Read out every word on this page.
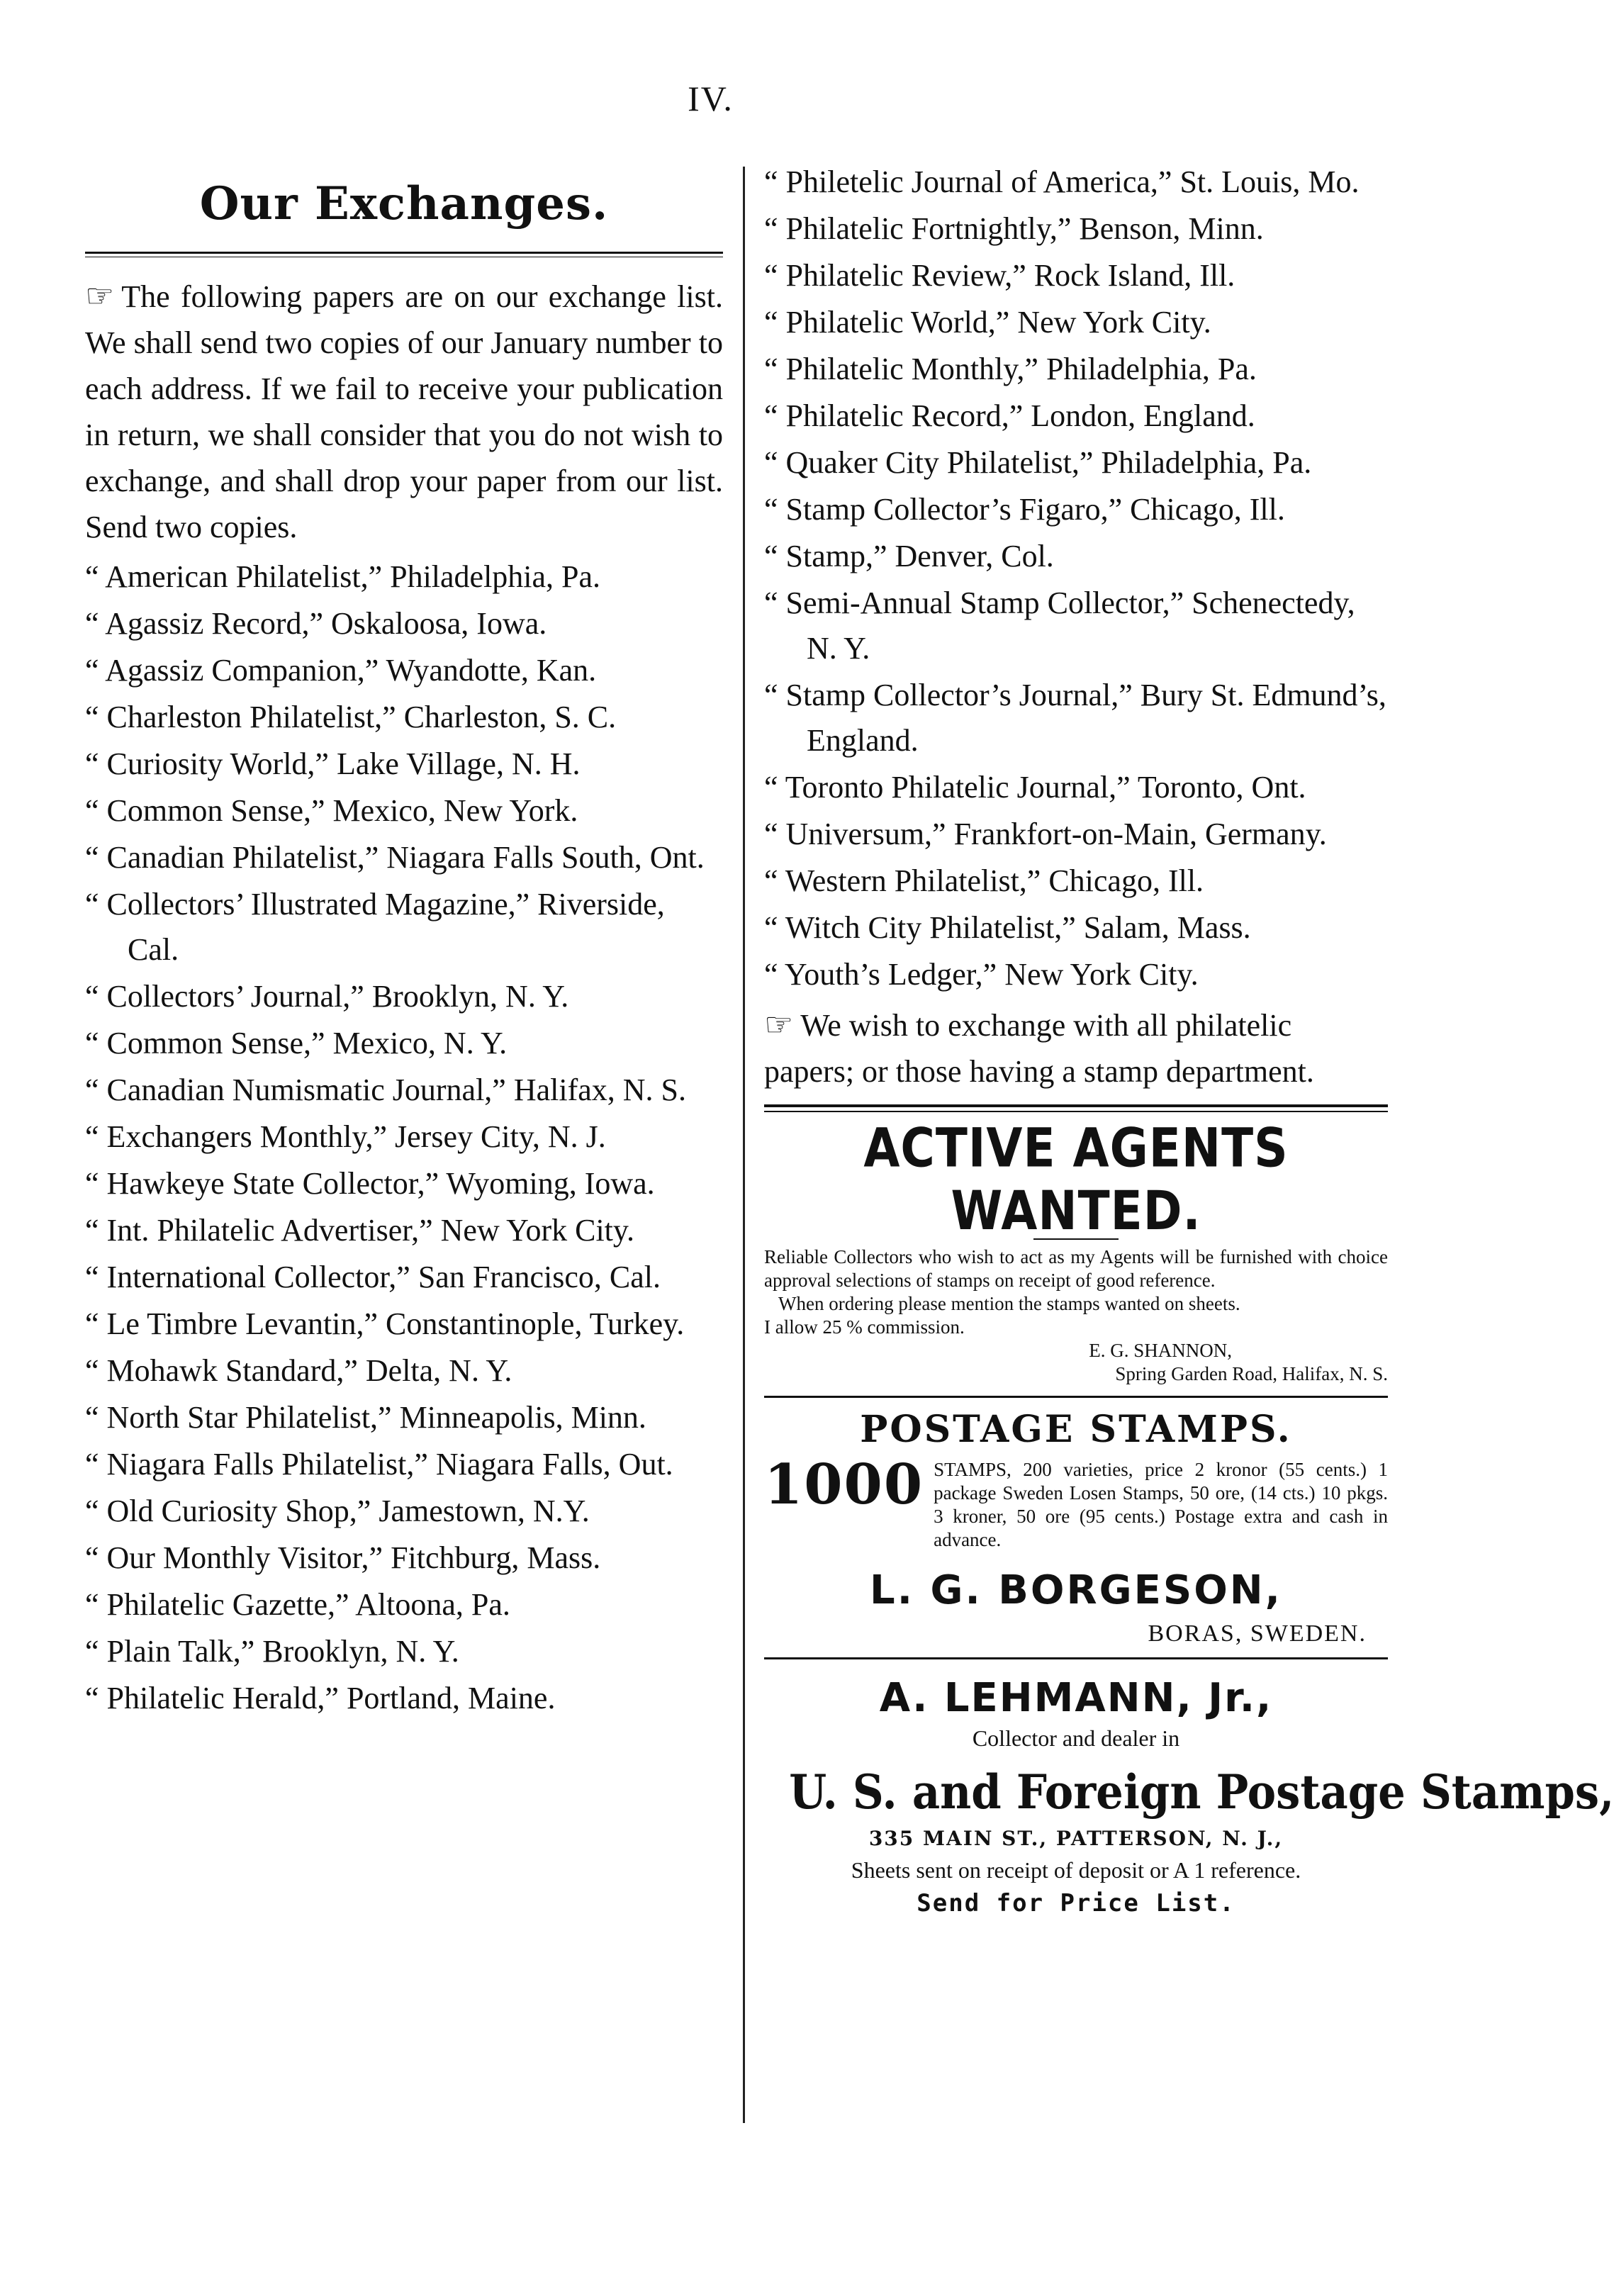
IV.
Our Exchanges.

☞ The following papers are on our exchange list. We shall send two copies of our January number to each address. If we fail to receive your publication in return, we shall consider that you do not wish to exchange, and shall drop your paper from our list. Send two copies.

“ American Philatelist,” Philadelphia, Pa.
“ Agassiz Record,” Oskaloosa, Iowa.
“ Agassiz Companion,” Wyandotte, Kan.
“ Charleston Philatelist,” Charleston, S. C.
“ Curiosity World,” Lake Village, N. H.
“ Common Sense,” Mexico, New York.
“ Canadian Philatelist,” Niagara Falls South, Ont.
“ Collectors’ Illustrated Magazine,” Riverside, Cal.
“ Collectors’ Journal,” Brooklyn, N. Y.
“ Common Sense,” Mexico, N. Y.
“ Canadian Numismatic Journal,” Halifax, N. S.
“ Exchangers Monthly,” Jersey City, N. J.
“ Hawkeye State Collector,” Wyoming, Iowa.
“ Int. Philatelic Advertiser,” New York City.
“ International Collector,” San Francisco, Cal.
“ Le Timbre Levantin,” Constantinople, Turkey.
“ Mohawk Standard,” Delta, N. Y.
“ North Star Philatelist,” Minneapolis, Minn.
“ Niagara Falls Philatelist,” Niagara Falls, Out.
“ Old Curiosity Shop,” Jamestown, N.Y.
“ Our Monthly Visitor,” Fitchburg, Mass.
“ Philatelic Gazette,” Altoona, Pa.
“ Plain Talk,” Brooklyn, N. Y.
“ Philatelic Herald,” Portland, Maine.
“ Philetelic Journal of America,” St. Louis, Mo.
“ Philatelic Fortnightly,” Benson, Minn.
“ Philatelic Review,” Rock Island, Ill.
“ Philatelic World,” New York City.
“ Philatelic Monthly,” Philadelphia, Pa.
“ Philatelic Record,” London, England.
“ Quaker City Philatelist,” Philadelphia, Pa.
“ Stamp Collector’s Figaro,” Chicago, Ill.
“ Stamp,” Denver, Col.
“ Semi-Annual Stamp Collector,” Schenectedy, N. Y.
“ Stamp Collector’s Journal,” Bury St. Edmund’s, England.
“ Toronto Philatelic Journal,” Toronto, Ont.
“ Universum,” Frankfort-on-Main, Germany.
“ Western Philatelist,” Chicago, Ill.
“ Witch City Philatelist,” Salam, Mass.
“ Youth’s Ledger,” New York City.

☞ We wish to exchange with all philatelic papers; or those having a stamp department.

ACTIVE AGENTS WANTED.

Reliable Collectors who wish to act as my Agents will be furnished with choice approval selections of stamps on receipt of good reference.

When ordering please mention the stamps wanted on sheets.

I allow 25 % commission.

E. G. SHANNON,

Spring Garden Road, Halifax, N. S.

POSTAGE STAMPS.
1000 STAMPS, 200 varieties, price 2 kronor (55 cents.) 1 package Sweden Losen Stamps, 50 ore, (14 cts.) 10 pkgs. 3 kroner, 50 ore (95 cents.) Postage extra and cash in advance.

L. G. BORGESON,
BORAS, SWEDEN.
A. LEHMANN, Jr.,
Collector and dealer in
U. S. and Foreign Postage Stamps,
335 MAIN ST., PATTERSON, N. J.,
Sheets sent on receipt of deposit or A 1 reference.
Send for Price List.
